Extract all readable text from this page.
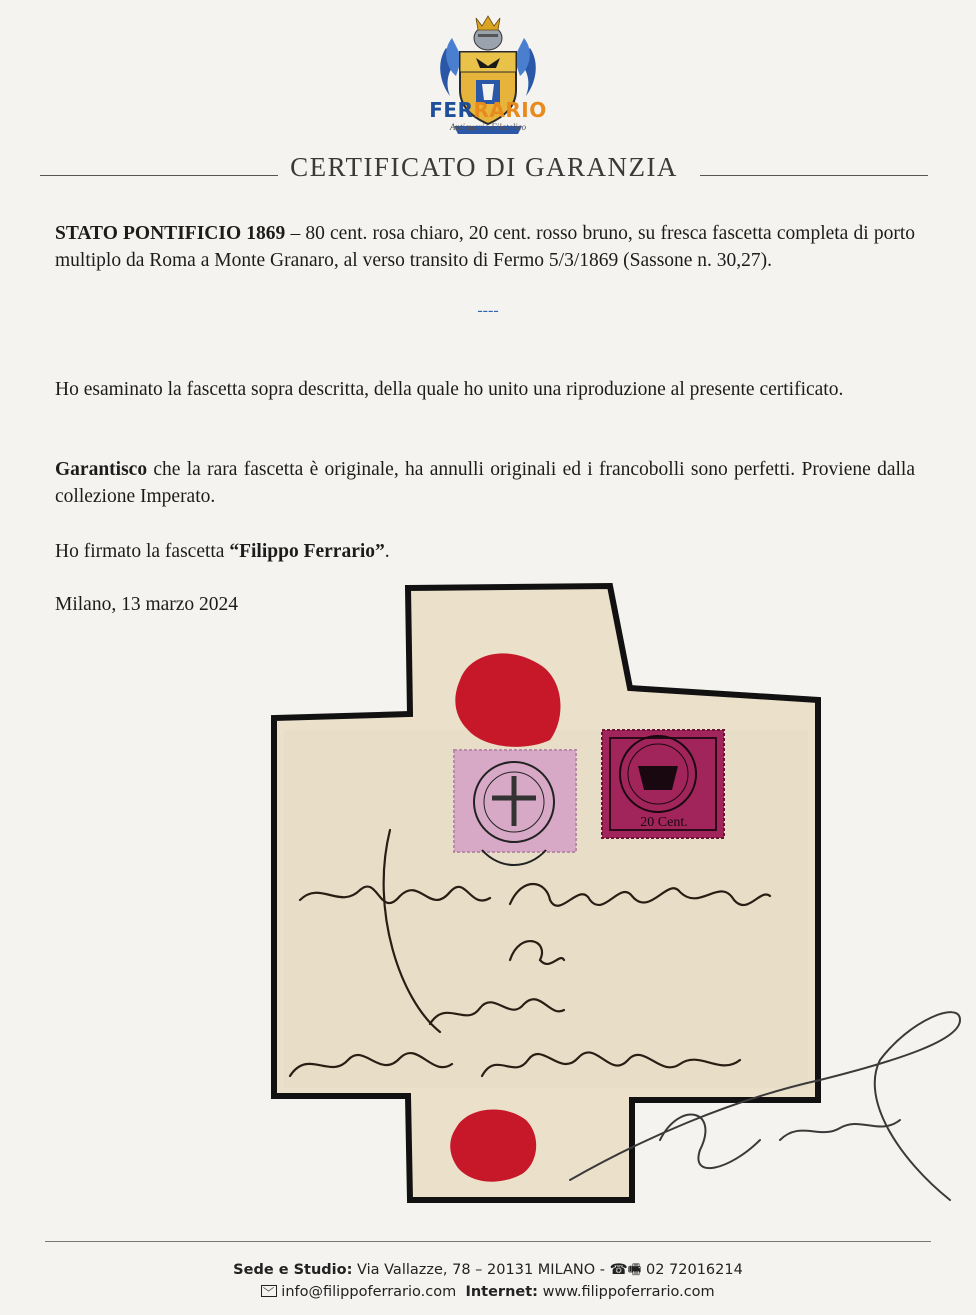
FERRARIO
Antiquario Filatelico
CERTIFICATO DI GARANZIA
STATO PONTIFICIO 1869 – 80 cent. rosa chiaro, 20 cent. rosso bruno, su fresca fascetta completa di porto multiplo da Roma a Monte Granaro, al verso transito di Fermo 5/3/1869 (Sassone n. 30,27).
----
Ho esaminato la fascetta sopra descritta, della quale ho unito una riproduzione al presente certificato.
Garantisco che la rara fascetta è originale, ha annulli originali ed i francobolli sono perfetti. Proviene dalla collezione Imperato.
Ho firmato la fascetta “Filippo Ferrario”.
Milano, 13 marzo 2024
20 Cent.
Sede e Studio: Via Vallazze, 78 – 20131 MILANO - ☎🖷 02 72016214
info@filippoferrario.com Internet: www.filippoferrario.com
